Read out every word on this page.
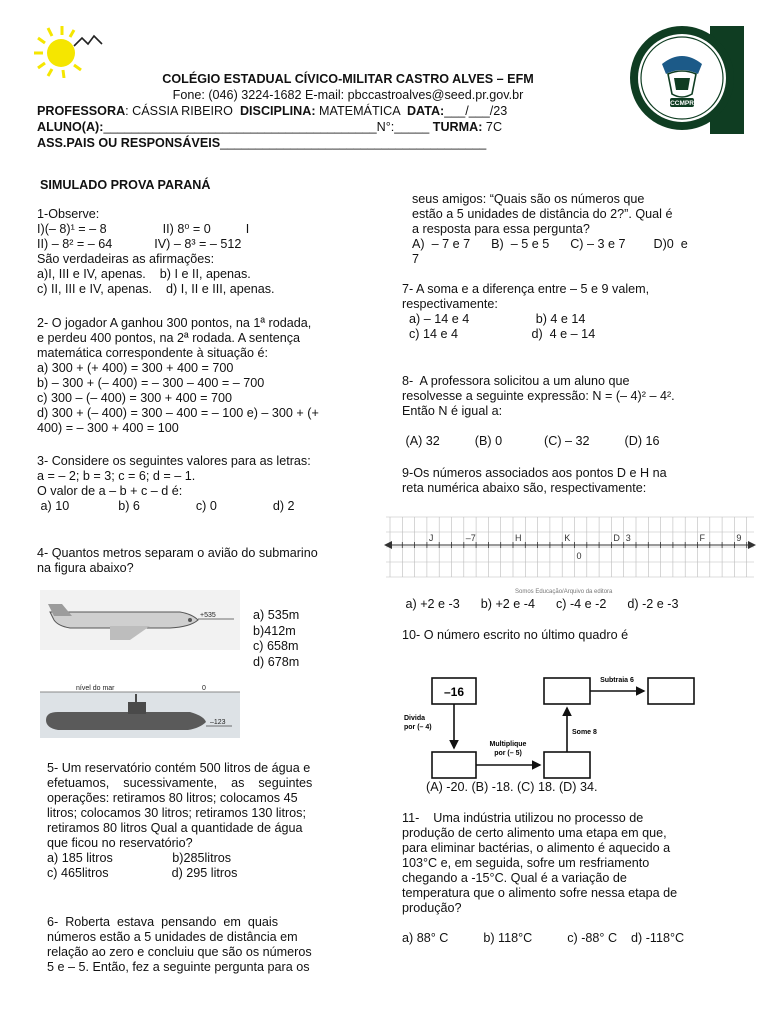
CCMPR
COLÉGIO ESTADUAL CÍVICO-MILITAR CASTRO ALVES – EFM
Fone: (046) 3224-1682 E-mail: pbccastroalves@seed.pr.gov.br
PROFESSORA: CÁSSIA RIBEIRO  DISCIPLINA: MATEMÁTICA  DATA:___/___/23
ALUNO(A):_______________________________________N°:_____ TURMA: 7C
ASS.PAIS OU RESPONSÁVEIS______________________________________
SIMULADO PROVA PARANÁ
1-Observe:
I)(– 8)¹ = – 8                II) 8⁰ = 0          I
II) – 8² = – 64            IV) – 8³ = – 512
São verdadeiras as afirmações:
a)I, III e IV, apenas.    b) I e II, apenas.
c) II, III e IV, apenas.    d) I, II e III, apenas.
2- O jogador A ganhou 300 pontos, na 1ª rodada,
e perdeu 400 pontos, na 2ª rodada. A sentença
matemática correspondente à situação é:
a) 300 + (+ 400) = 300 + 400 = 700
b) – 300 + (– 400) = – 300 – 400 = – 700
c) 300 – (– 400) = 300 + 400 = 700
d) 300 + (– 400) = 300 – 400 = – 100 e) – 300 + (+
400) = – 300 + 400 = 100
3- Considere os seguintes valores para as letras:
a = – 2; b = 3; c = 6; d = – 1.
O valor de a – b + c – d é:
a) 10              b) 6                c) 0                d) 2
4- Quantos metros separam o avião do submarino
na figura abaixo?
+535
nível do mar	0
–123
a) 535m
b)412m
c) 658m
d) 678m
5- Um reservatório contém 500 litros de água e
efetuamos,    sucessivamente,    as    seguintes
operações: retiramos 80 litros; colocamos 45
litros; colocamos 30 litros; retiramos 130 litros;
retiramos 80 litros Qual a quantidade de água
que ficou no reservatório?
a) 185 litros                 b)285litros
c) 465litros                  d) 295 litros
6-  Roberta  estava  pensando  em  quais
números estão a 5 unidades de distância em
relação ao zero e concluiu que são os números
5 e – 5. Então, fez a seguinte pergunta para os
seus amigos: “Quais são os números que
estão a 5 unidades de distância do 2?”. Qual é
a resposta para essa pergunta?
A)  – 7 e 7      B)  – 5 e 5      C) – 3 e 7        D)0  e
7
7- A soma e a diferença entre – 5 e 9 valem,
respectivamente:
a) – 14 e 4                   b) 4 e 14
c) 14 e 4                     d)  4 e – 14
8-  A professora solicitou a um aluno que
resolvesse a seguinte expressão: N = (– 4)² – 4².
Então N é igual a:
(A) 32          (B) 0            (C) – 32          (D) 16
9-Os números associados aos pontos D e H na
reta numérica abaixo são, respectivamente:
J	–7	H	K	D 3	F	9
0
Somos Educação/Arquivo da editora
a) +2 e -3      b) +2 e -4      c) -4 e -2      d) -2 e -3
10- O número escrito no último quadro é
–16
Divida
por (– 4)
Multiplique
por (– 5)
Some 8
Subtraia 6
(A) -20. (B) -18. (C) 18. (D) 34.
11-    Uma indústria utilizou no processo de
produção de certo alimento uma etapa em que,
para eliminar bactérias, o alimento é aquecido a
103°C e, em seguida, sofre um resfriamento
chegando a -15°C. Qual é a variação de
temperatura que o alimento sofre nessa etapa de
produção?
a) 88° C          b) 118°C          c) -88° C    d) -118°C
